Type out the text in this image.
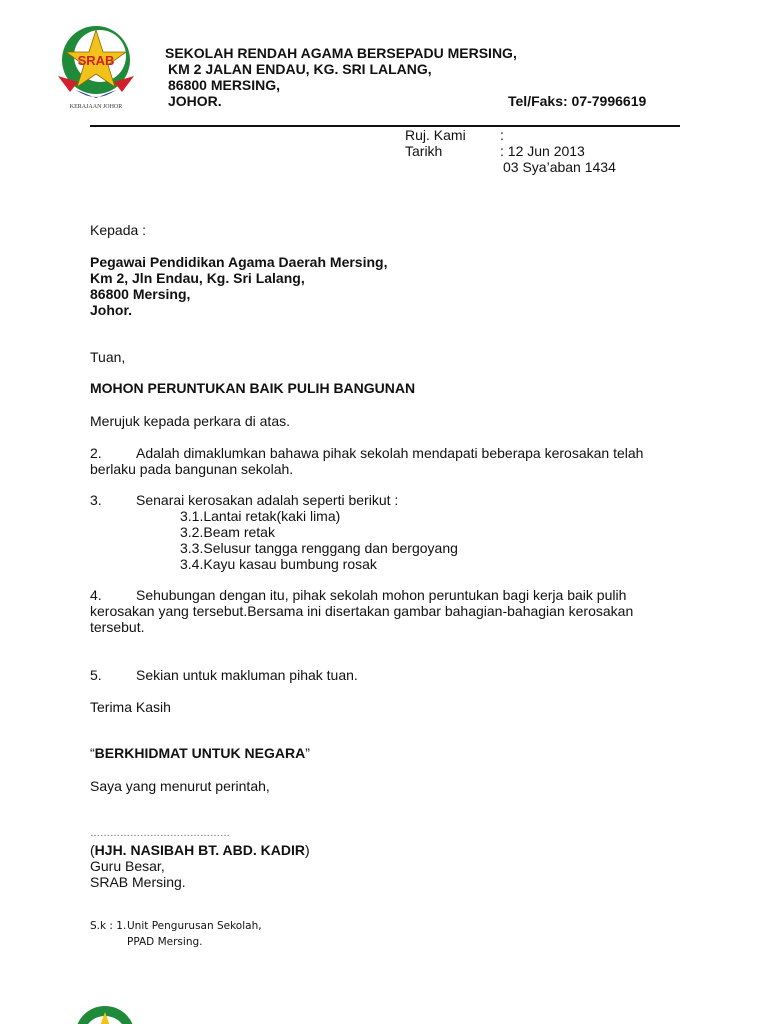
SRAB
KERAJAAN JOHOR
SEKOLAH RENDAH AGAMA BERSEPADU MERSING,
KM 2 JALAN ENDAU, KG. SRI LALANG,
86800 MERSING,
JOHOR.	Tel/Faks: 07-7996619
Ruj. Kami :
Tarikh	: 12 Jun 2013
03 Sya’aban 1434
Kepada :
Pegawai Pendidikan Agama Daerah Mersing,
Km 2, Jln Endau, Kg. Sri Lalang,
86800 Mersing,
Johor.
Tuan,
MOHON PERUNTUKAN BAIK PULIH BANGUNAN
Merujuk kepada perkara di atas.
2. Adalah dimaklumkan bahawa pihak sekolah mendapati beberapa kerosakan telah
berlaku pada bangunan sekolah.
3. Senarai kerosakan adalah seperti berikut :
3.1.Lantai retak(kaki lima)
3.2.Beam retak
3.3.Selusur tangga renggang dan bergoyang
3.4.Kayu kasau bumbung rosak
4. Sehubungan dengan itu, pihak sekolah mohon peruntukan bagi kerja baik pulih
kerosakan yang tersebut.Bersama ini disertakan gambar bahagian-bahagian kerosakan
tersebut.
5. Sekian untuk makluman pihak tuan.
Terima Kasih
“BERKHIDMAT UNTUK NEGARA”
Saya yang menurut perintah,
……………………………………
(HJH. NASIBAH BT. ABD. KADIR)
Guru Besar,
SRAB Mersing.
S.k : 1. Unit Pengurusan Sekolah,
PPAD Mersing.
